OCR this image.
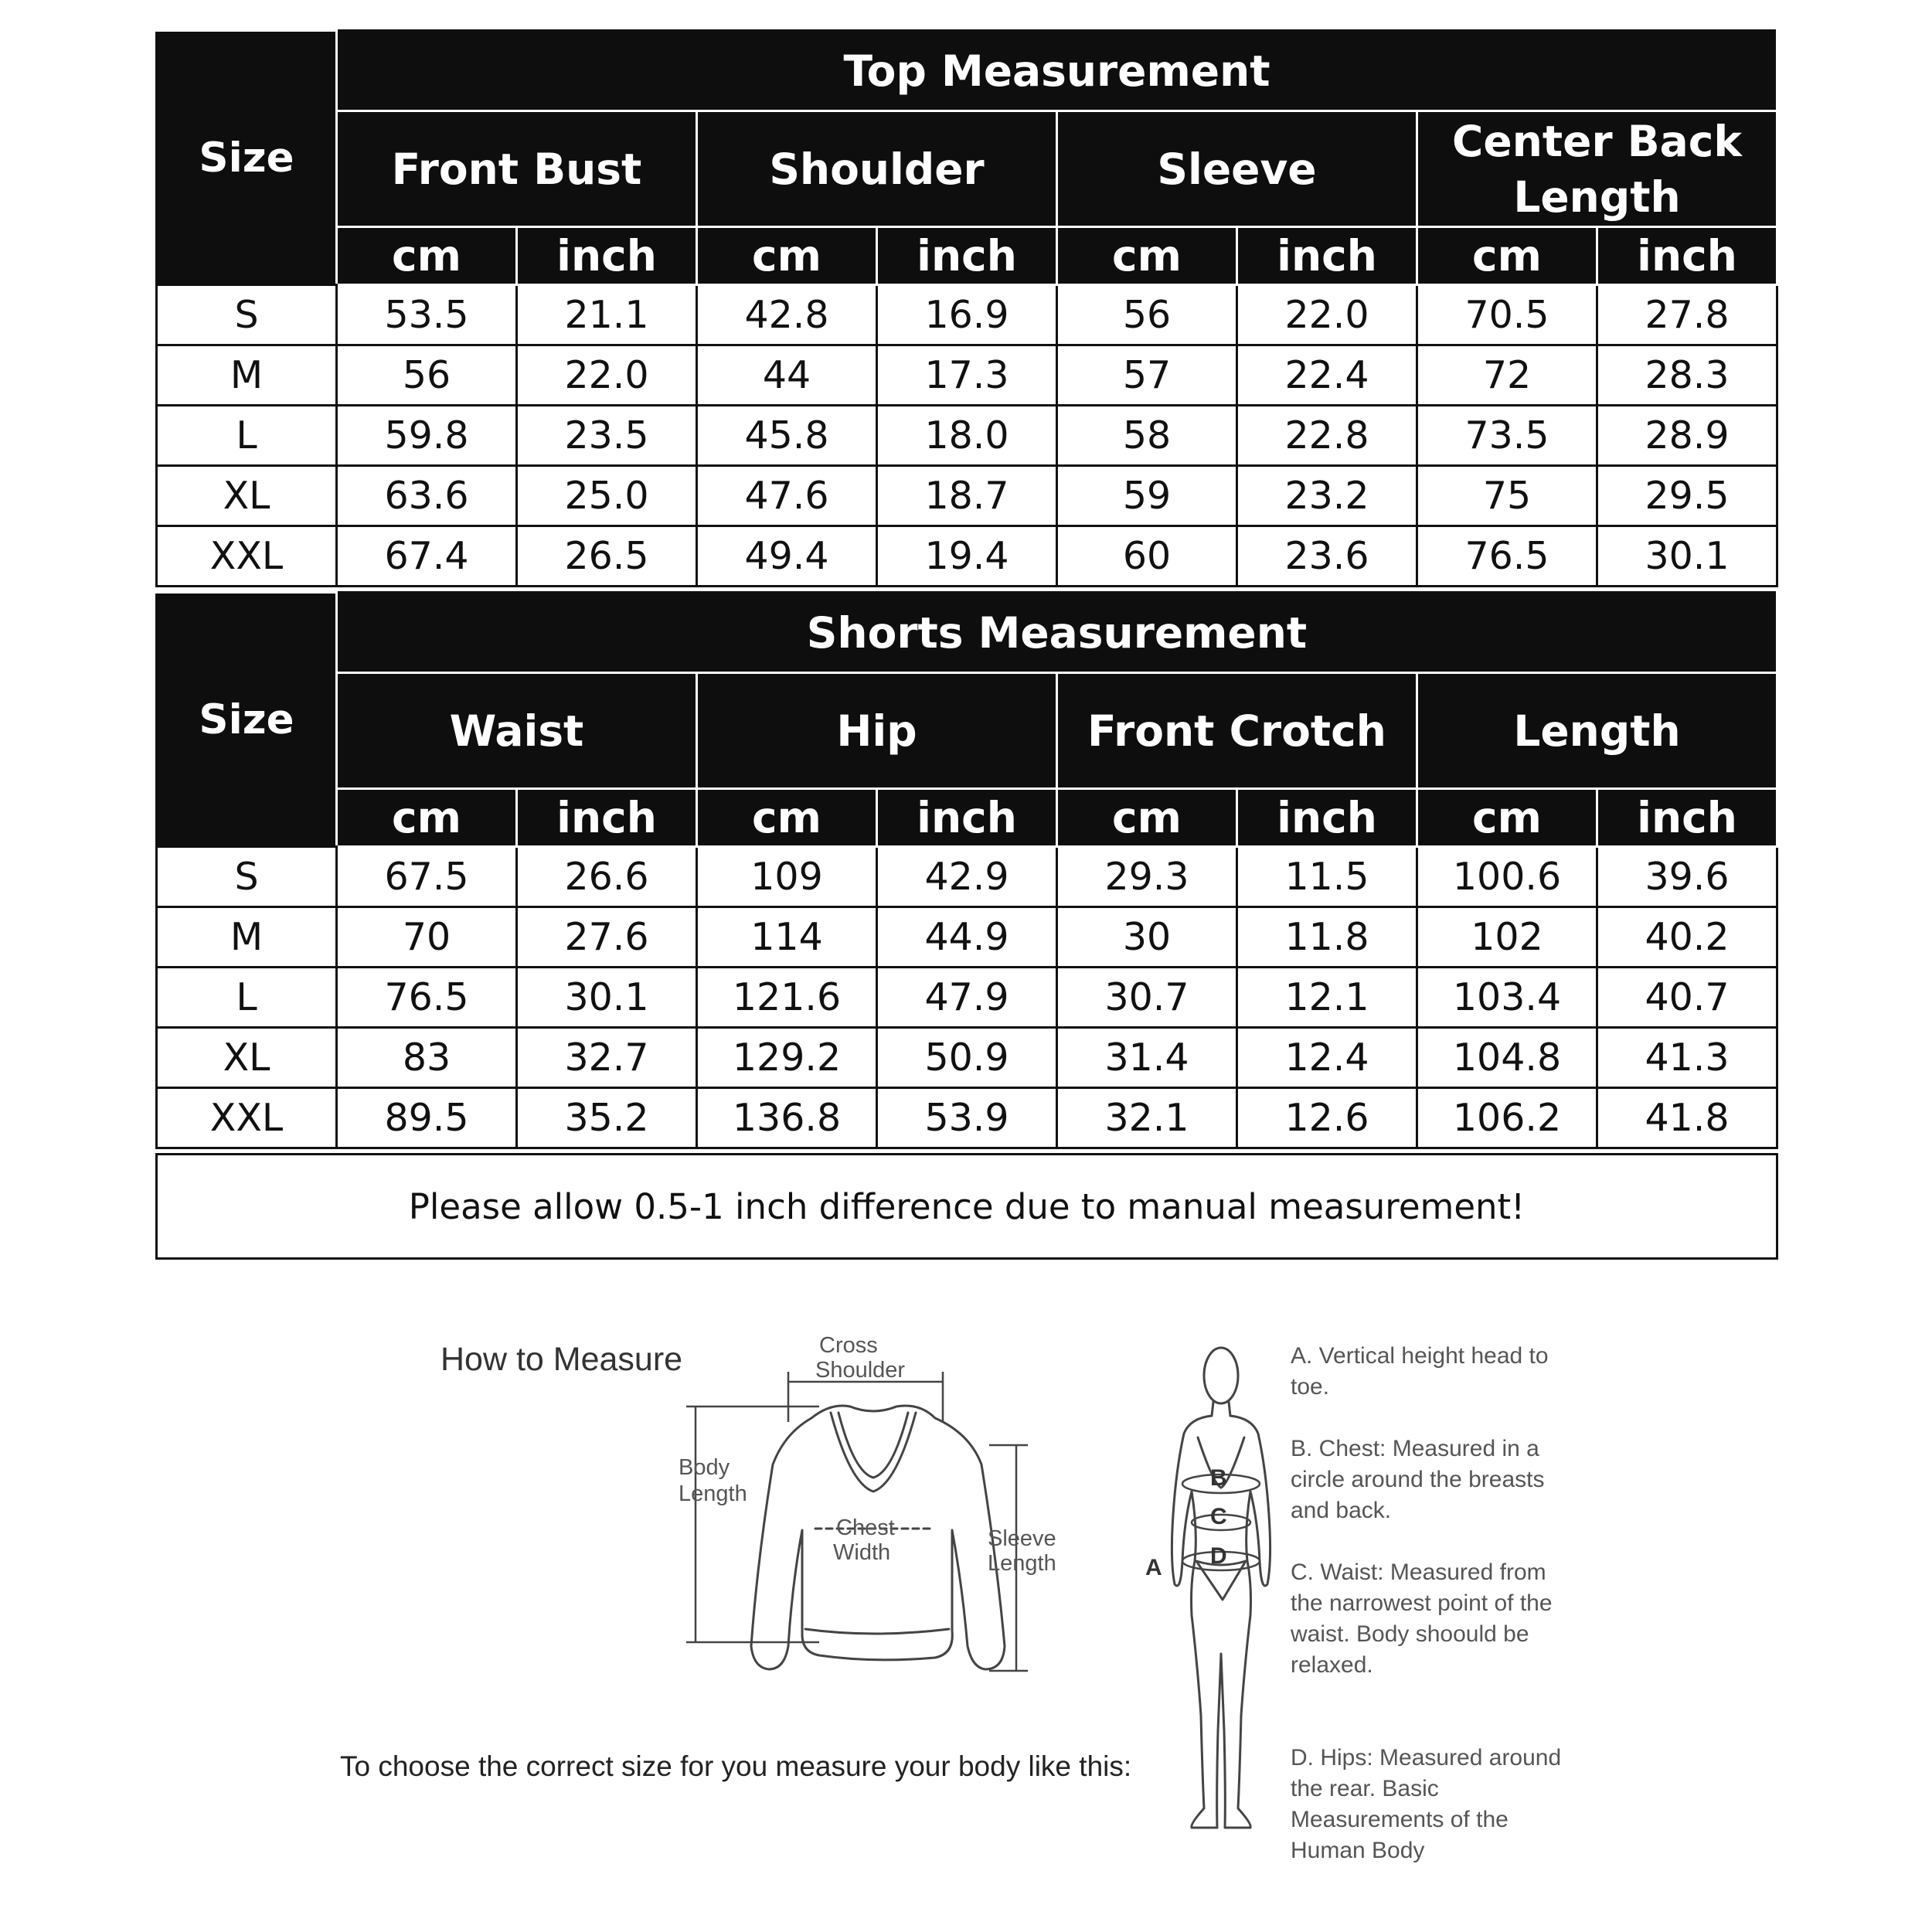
Size	Top Measurement							
	Front Bust		Shoulder		Sleeve		Center Back Length	
	cm	inch	cm	inch	cm	inch	cm	inch
S	53.5	21.1	42.8	16.9	56	22.0	70.5	27.8
M	56	22.0	44	17.3	57	22.4	72	28.3
L	59.8	23.5	45.8	18.0	58	22.8	73.5	28.9
XL	63.6	25.0	47.6	18.7	59	23.2	75	29.5
XXL	67.4	26.5	49.4	19.4	60	23.6	76.5	30.1
Size	Shorts Measurement							
	Waist		Hip		Front Crotch		Length	
	cm	inch	cm	inch	cm	inch	cm	inch
S	67.5	26.6	109	42.9	29.3	11.5	100.6	39.6
M	70	27.6	114	44.9	30	11.8	102	40.2
L	76.5	30.1	121.6	47.9	30.7	12.1	103.4	40.7
XL	83	32.7	129.2	50.9	31.4	12.4	104.8	41.3
XXL	89.5	35.2	136.8	53.9	32.1	12.6	106.2	41.8
Please allow 0.5-1 inch difference due to manual measurement!
How to Measure	Cross
Shoulder
Body
Length
Chest
Width
Sleeve
Length
To choose the correct size for you measure your body like this:
B
C
D
A
A. Vertical height head to toe.
B. Chest: Measured in a circle around the breasts and back.
C. Waist: Measured from the narrowest point of the waist. Body shoould be relaxed.
D. Hips: Measured around the rear. Basic Measurements of the Human Body
